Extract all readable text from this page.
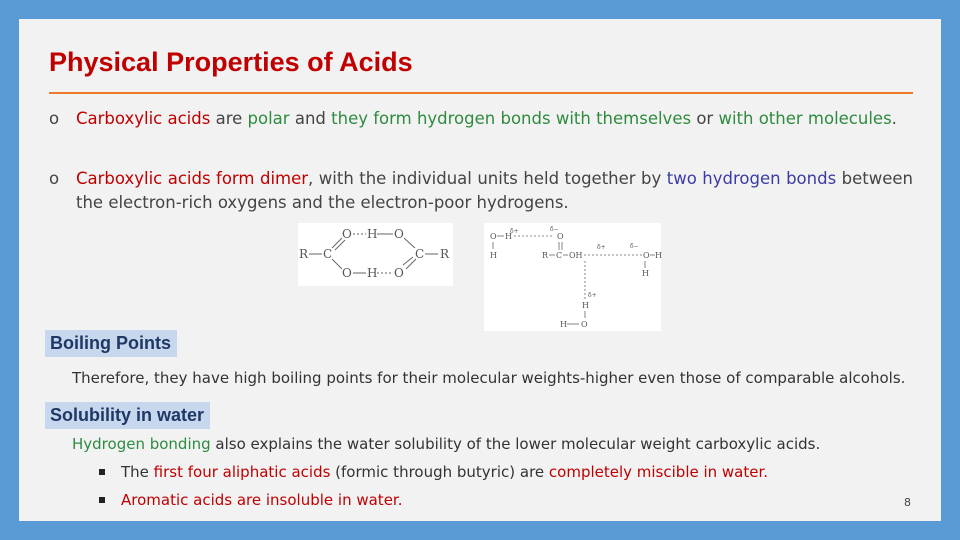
Physical Properties of Acids
o	Carboxylic acids are polar and they form hydrogen bonds with themselves or with other molecules.
o	Carboxylic acids form dimer, with the individual units held together by two hydrogen bonds between the electron-rich oxygens and the electron-poor hydrogens.
R C
O
O
H O
H O
C R
O H
δ+
H
δ−
O
R C OH
δ+	δ−
O H
H
δ+
H
H O
Boiling Points
Therefore, they have high boiling points for their molecular weights-higher even those of comparable alcohols.
Solubility in water
Hydrogen bonding also explains the water solubility of the lower molecular weight carboxylic acids.
The first four aliphatic acids (formic through butyric) are completely miscible in water.
Aromatic acids are insoluble in water.	8
